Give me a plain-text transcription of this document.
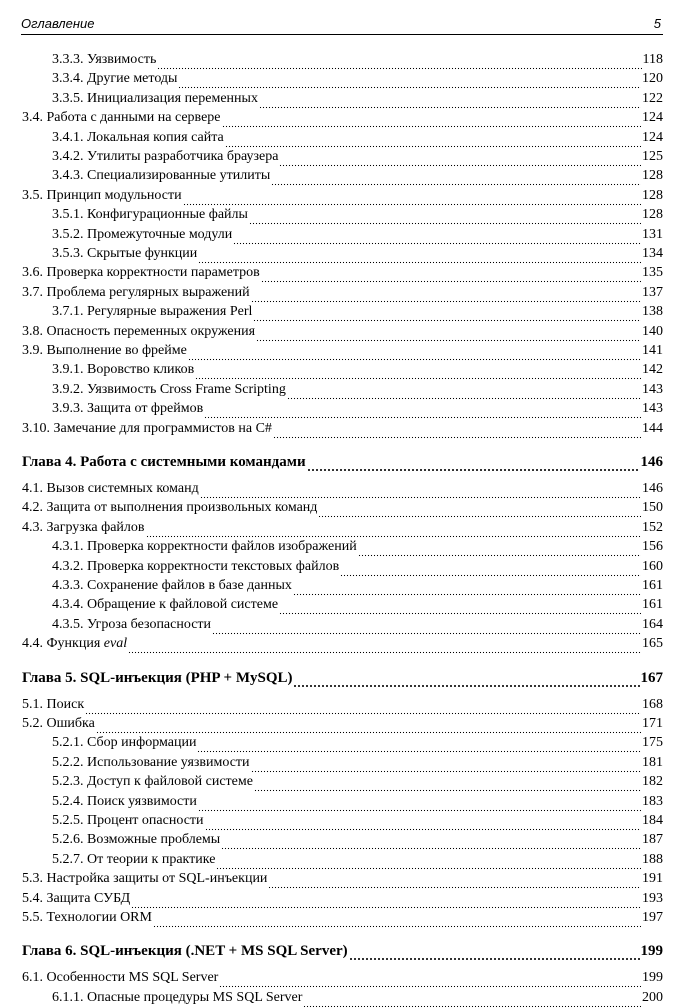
Оглавление	5
3.3.3. Уязвимость	118
3.3.4. Другие методы	120
3.3.5. Инициализация переменных	122
3.4. Работа с данными на сервере	124
3.4.1. Локальная копия сайта	124
3.4.2. Утилиты разработчика браузера	125
3.4.3. Специализированные утилиты	128
3.5. Принцип модульности	128
3.5.1. Конфигурационные файлы	128
3.5.2. Промежуточные модули	131
3.5.3. Скрытые функции	134
3.6. Проверка корректности параметров	135
3.7. Проблема регулярных выражений	137
3.7.1. Регулярные выражения Perl	138
3.8. Опасность переменных окружения	140
3.9. Выполнение во фрейме	141
3.9.1. Воровство кликов	142
3.9.2. Уязвимость Cross Frame Scripting	143
3.9.3. Защита от фреймов	143
3.10. Замечание для программистов на С#	144
Глава 4. Работа с системными командами	146
4.1. Вызов системных команд	146
4.2. Защита от выполнения произвольных команд	150
4.3. Загрузка файлов	152
4.3.1. Проверка корректности файлов изображений	156
4.3.2. Проверка корректности текстовых файлов	160
4.3.3. Сохранение файлов в базе данных	161
4.3.4. Обращение к файловой системе	161
4.3.5. Угроза безопасности	164
4.4. Функция eval	165
Глава 5. SQL-инъекция (PHP + MySQL)	167
5.1. Поиск	168
5.2. Ошибка	171
5.2.1. Сбор информации	175
5.2.2. Использование уязвимости	181
5.2.3. Доступ к файловой системе	182
5.2.4. Поиск уязвимости	183
5.2.5. Процент опасности	184
5.2.6. Возможные проблемы	187
5.2.7. От теории к практике	188
5.3. Настройка защиты от SQL-инъекции	191
5.4. Защита СУБД	193
5.5. Технологии ORM	197
Глава 6. SQL-инъекция (.NET + MS SQL Server)	199
6.1. Особенности MS SQL Server	199
6.1.1. Опасные процедуры MS SQL Server	200
